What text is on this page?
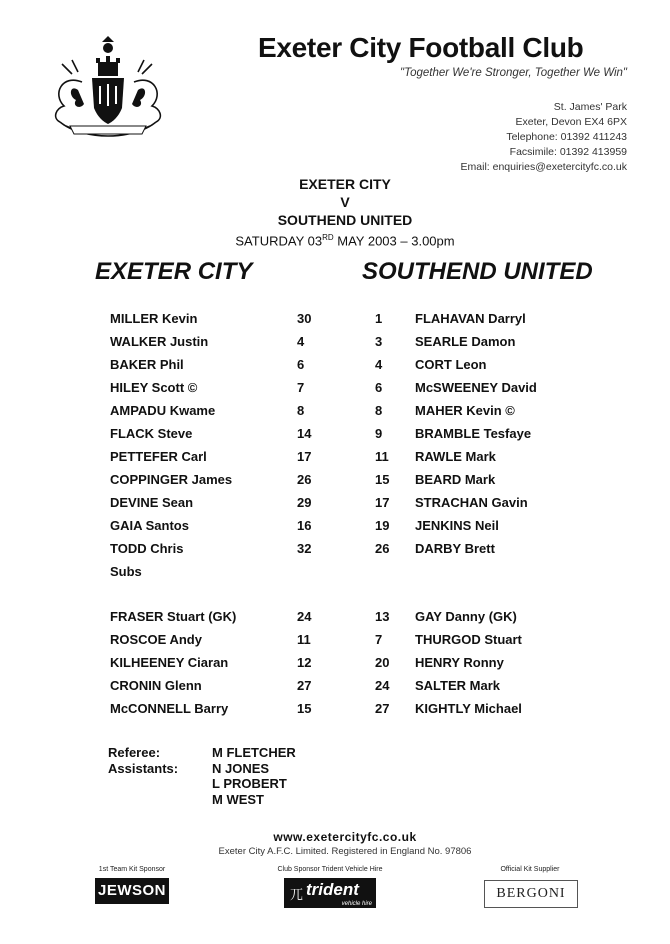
Exeter City Football Club
"Together We're Stronger, Together We Win"
St. James' Park
Exeter, Devon EX4 6PX
Telephone: 01392 411243
Facsimile: 01392 413959
Email: enquiries@exetercityfc.co.uk
EXETER CITY
V
SOUTHEND UNITED
SATURDAY 03RD MAY 2003 – 3.00pm
EXETER CITY	SOUTHEND UNITED
MILLER Kevin	30	1	FLAHAVAN Darryl
WALKER Justin	4	3	SEARLE Damon
BAKER Phil	6	4	CORT Leon
HILEY Scott ©	7	6	McSWEENEY David
AMPADU Kwame	8	8	MAHER Kevin ©
FLACK Steve	14	9	BRAMBLE Tesfaye
PETTEFER Carl	17	11 RAWLE Mark
COPPINGER James	26	15 BEARD Mark
DEVINE Sean	29	17 STRACHAN Gavin
GAIA Santos	16	19 JENKINS Neil
TODD Chris	32	26 DARBY Brett
Subs
FRASER Stuart (GK)	24	13 GAY Danny (GK)
ROSCOE Andy	11	7	THURGOD Stuart
KILHEENEY Ciaran	12	20 HENRY Ronny
CRONIN Glenn	27	24 SALTER Mark
McCONNELL Barry	15	27 KIGHTLY Michael
Referee:	M FLETCHER
Assistants:	N JONES
L PROBERT
M WEST
www.exetercityfc.co.uk
Exeter City A.F.C. Limited. Registered in England No. 97806
1st Team Kit Sponsor
JEWSON
Club Sponsor Trident Vehicle Hire
⺎ trident
vehicle hire
Official Kit Supplier
BERGONI
